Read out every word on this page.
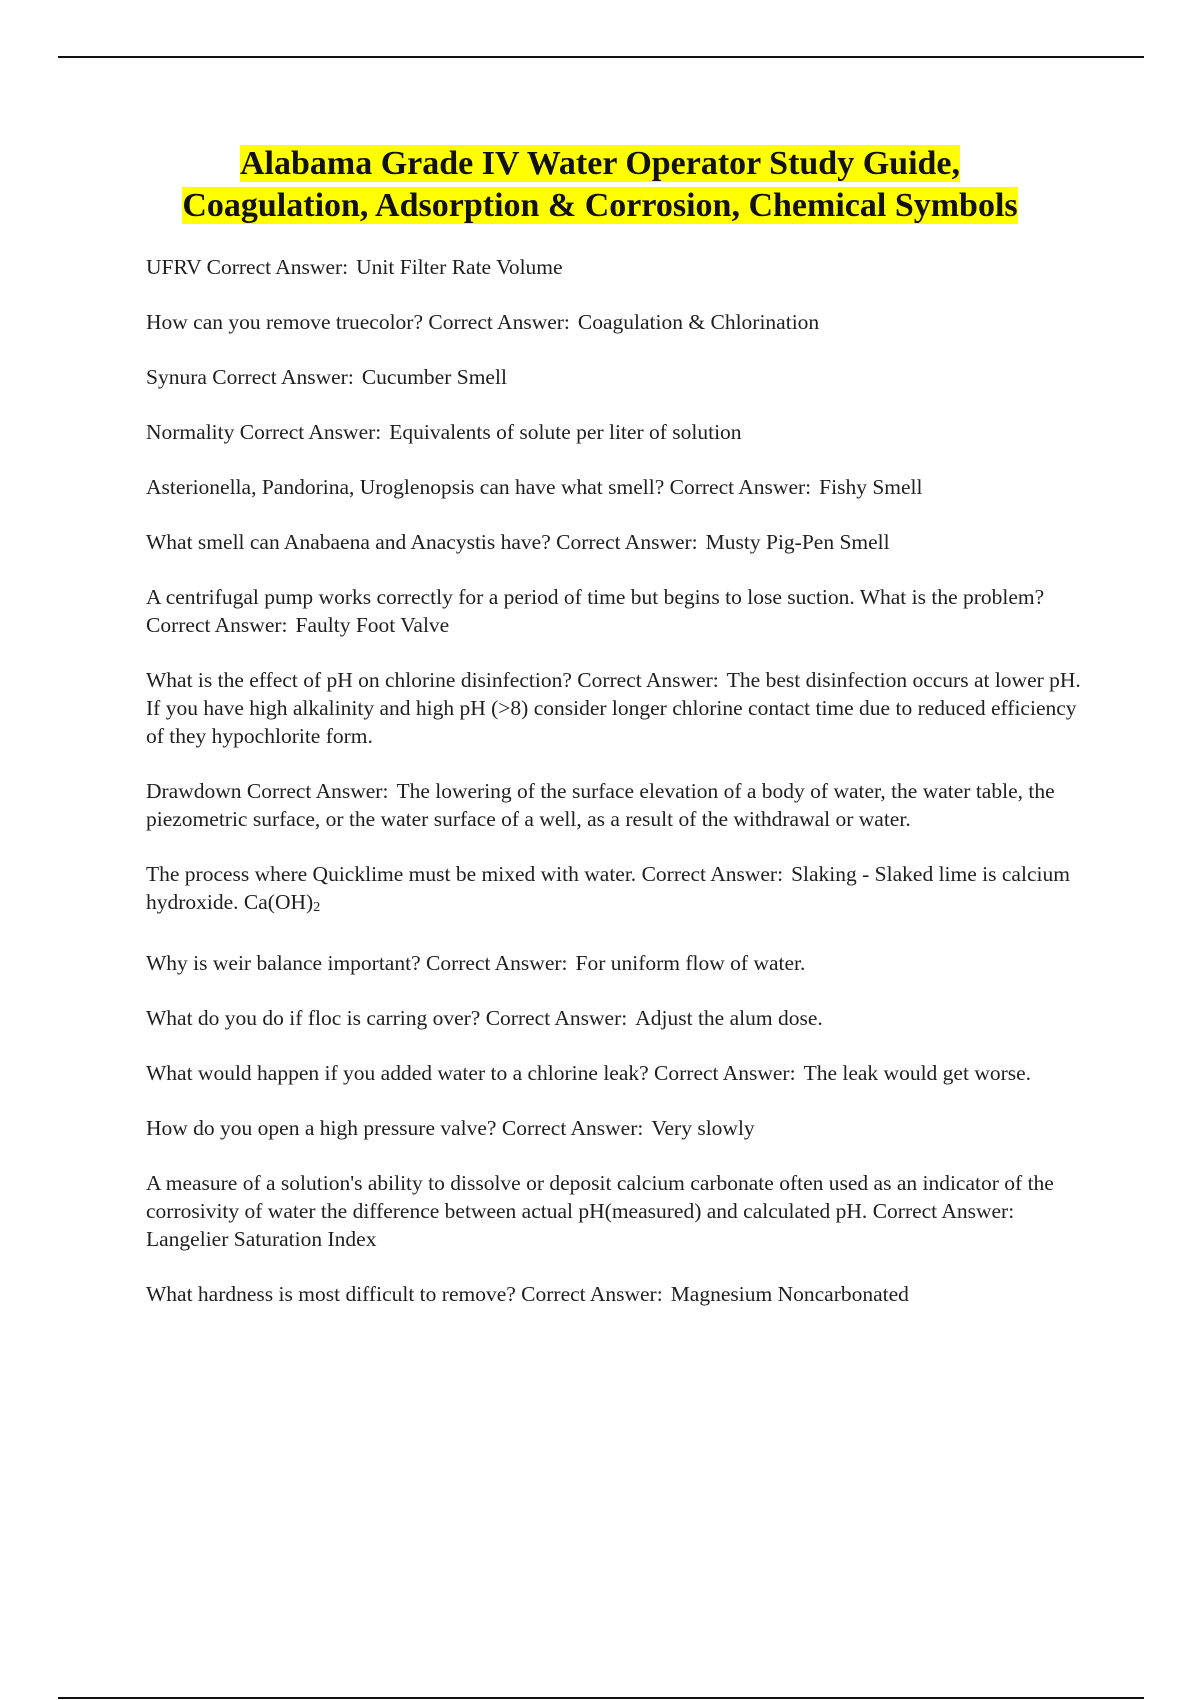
Alabama Grade IV Water Operator Study Guide,
Coagulation, Adsorption & Corrosion, Chemical Symbols
UFRV Correct Answer: Unit Filter Rate Volume
How can you remove truecolor? Correct Answer: Coagulation & Chlorination
Synura Correct Answer: Cucumber Smell
Normality Correct Answer: Equivalents of solute per liter of solution
Asterionella, Pandorina, Uroglenopsis can have what smell? Correct Answer: Fishy Smell
What smell can Anabaena and Anacystis have? Correct Answer: Musty Pig-Pen Smell
A centrifugal pump works correctly for a period of time but begins to lose suction. What is the problem? Correct Answer: Faulty Foot Valve
What is the effect of pH on chlorine disinfection? Correct Answer: The best disinfection occurs at lower pH. If you have high alkalinity and high pH (>8) consider longer chlorine contact time due to reduced efficiency of they hypochlorite form.
Drawdown Correct Answer: The lowering of the surface elevation of a body of water, the water table, the piezometric surface, or the water surface of a well, as a result of the withdrawal or water.
The process where Quicklime must be mixed with water. Correct Answer: Slaking - Slaked lime is calcium hydroxide. $Ca(OH)_2$
Why is weir balance important? Correct Answer: For uniform flow of water.
What do you do if floc is carring over? Correct Answer: Adjust the alum dose.
What would happen if you added water to a chlorine leak? Correct Answer: The leak would get worse.
How do you open a high pressure valve? Correct Answer: Very slowly
A measure of a solution's ability to dissolve or deposit calcium carbonate often used as an indicator of the corrosivity of water the difference between actual pH(measured) and calculated pH. Correct Answer:Langelier Saturation Index
What hardness is most difficult to remove? Correct Answer: Magnesium Noncarbonated
